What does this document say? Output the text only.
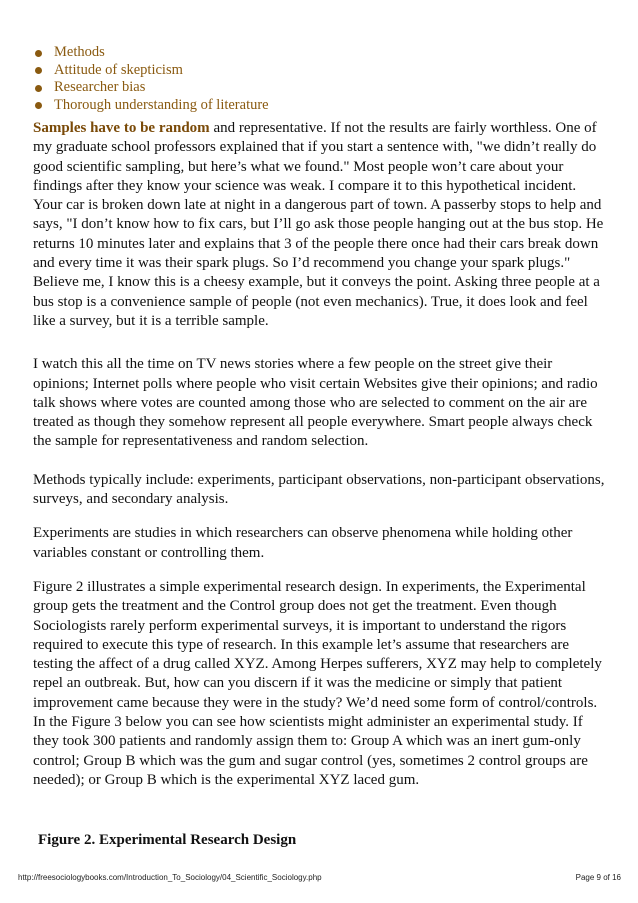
Methods
Attitude of skepticism
Researcher bias
Thorough understanding of literature

Samples have to be random and representative. If not the results are fairly worthless. One of my graduate school professors explained that if you start a sentence with, "we didn’t really do good scientific sampling, but here’s what we found." Most people won’t care about your findings after they know your science was weak. I compare it to this hypothetical incident. Your car is broken down late at night in a dangerous part of town. A passerby stops to help and says, "I don’t know how to fix cars, but I’ll go ask those people hanging out at the bus stop. He returns 10 minutes later and explains that 3 of the people there once had their cars break down and every time it was their spark plugs. So I’d recommend you change your spark plugs." Believe me, I know this is a cheesy example, but it conveys the point. Asking three people at a bus stop is a convenience sample of people (not even mechanics). True, it does look and feel like a survey, but it is a terrible sample.

I watch this all the time on TV news stories where a few people on the street give their opinions; Internet polls where people who visit certain Websites give their opinions; and radio talk shows where votes are counted among those who are selected to comment on the air are treated as though they somehow represent all people everywhere. Smart people always check the sample for representativeness and random selection.

Methods typically include: experiments, participant observations, non-participant observations, surveys, and secondary analysis.

Experiments are studies in which researchers can observe phenomena while holding other variables constant or controlling them.

Figure 2 illustrates a simple experimental research design. In experiments, the Experimental group gets the treatment and the Control group does not get the treatment. Even though Sociologists rarely perform experimental surveys, it is important to understand the rigors required to execute this type of research. In this example let’s assume that researchers are testing the affect of a drug called XYZ. Among Herpes sufferers, XYZ may help to completely repel an outbreak. But, how can you discern if it was the medicine or simply that patient improvement came because they were in the study? We’d need some form of control/controls. In the Figure 3 below you can see how scientists might administer an experimental study. If they took 300 patients and randomly assign them to: Group A which was an inert gum-only control; Group B which was the gum and sugar control (yes, sometimes 2 control groups are needed); or Group B which is the experimental XYZ laced gum.

Figure 2. Experimental Research Design

http://freesociologybooks.com/Introduction_To_Sociology/04_Scientific_Sociology.php	Page 9 of 16
